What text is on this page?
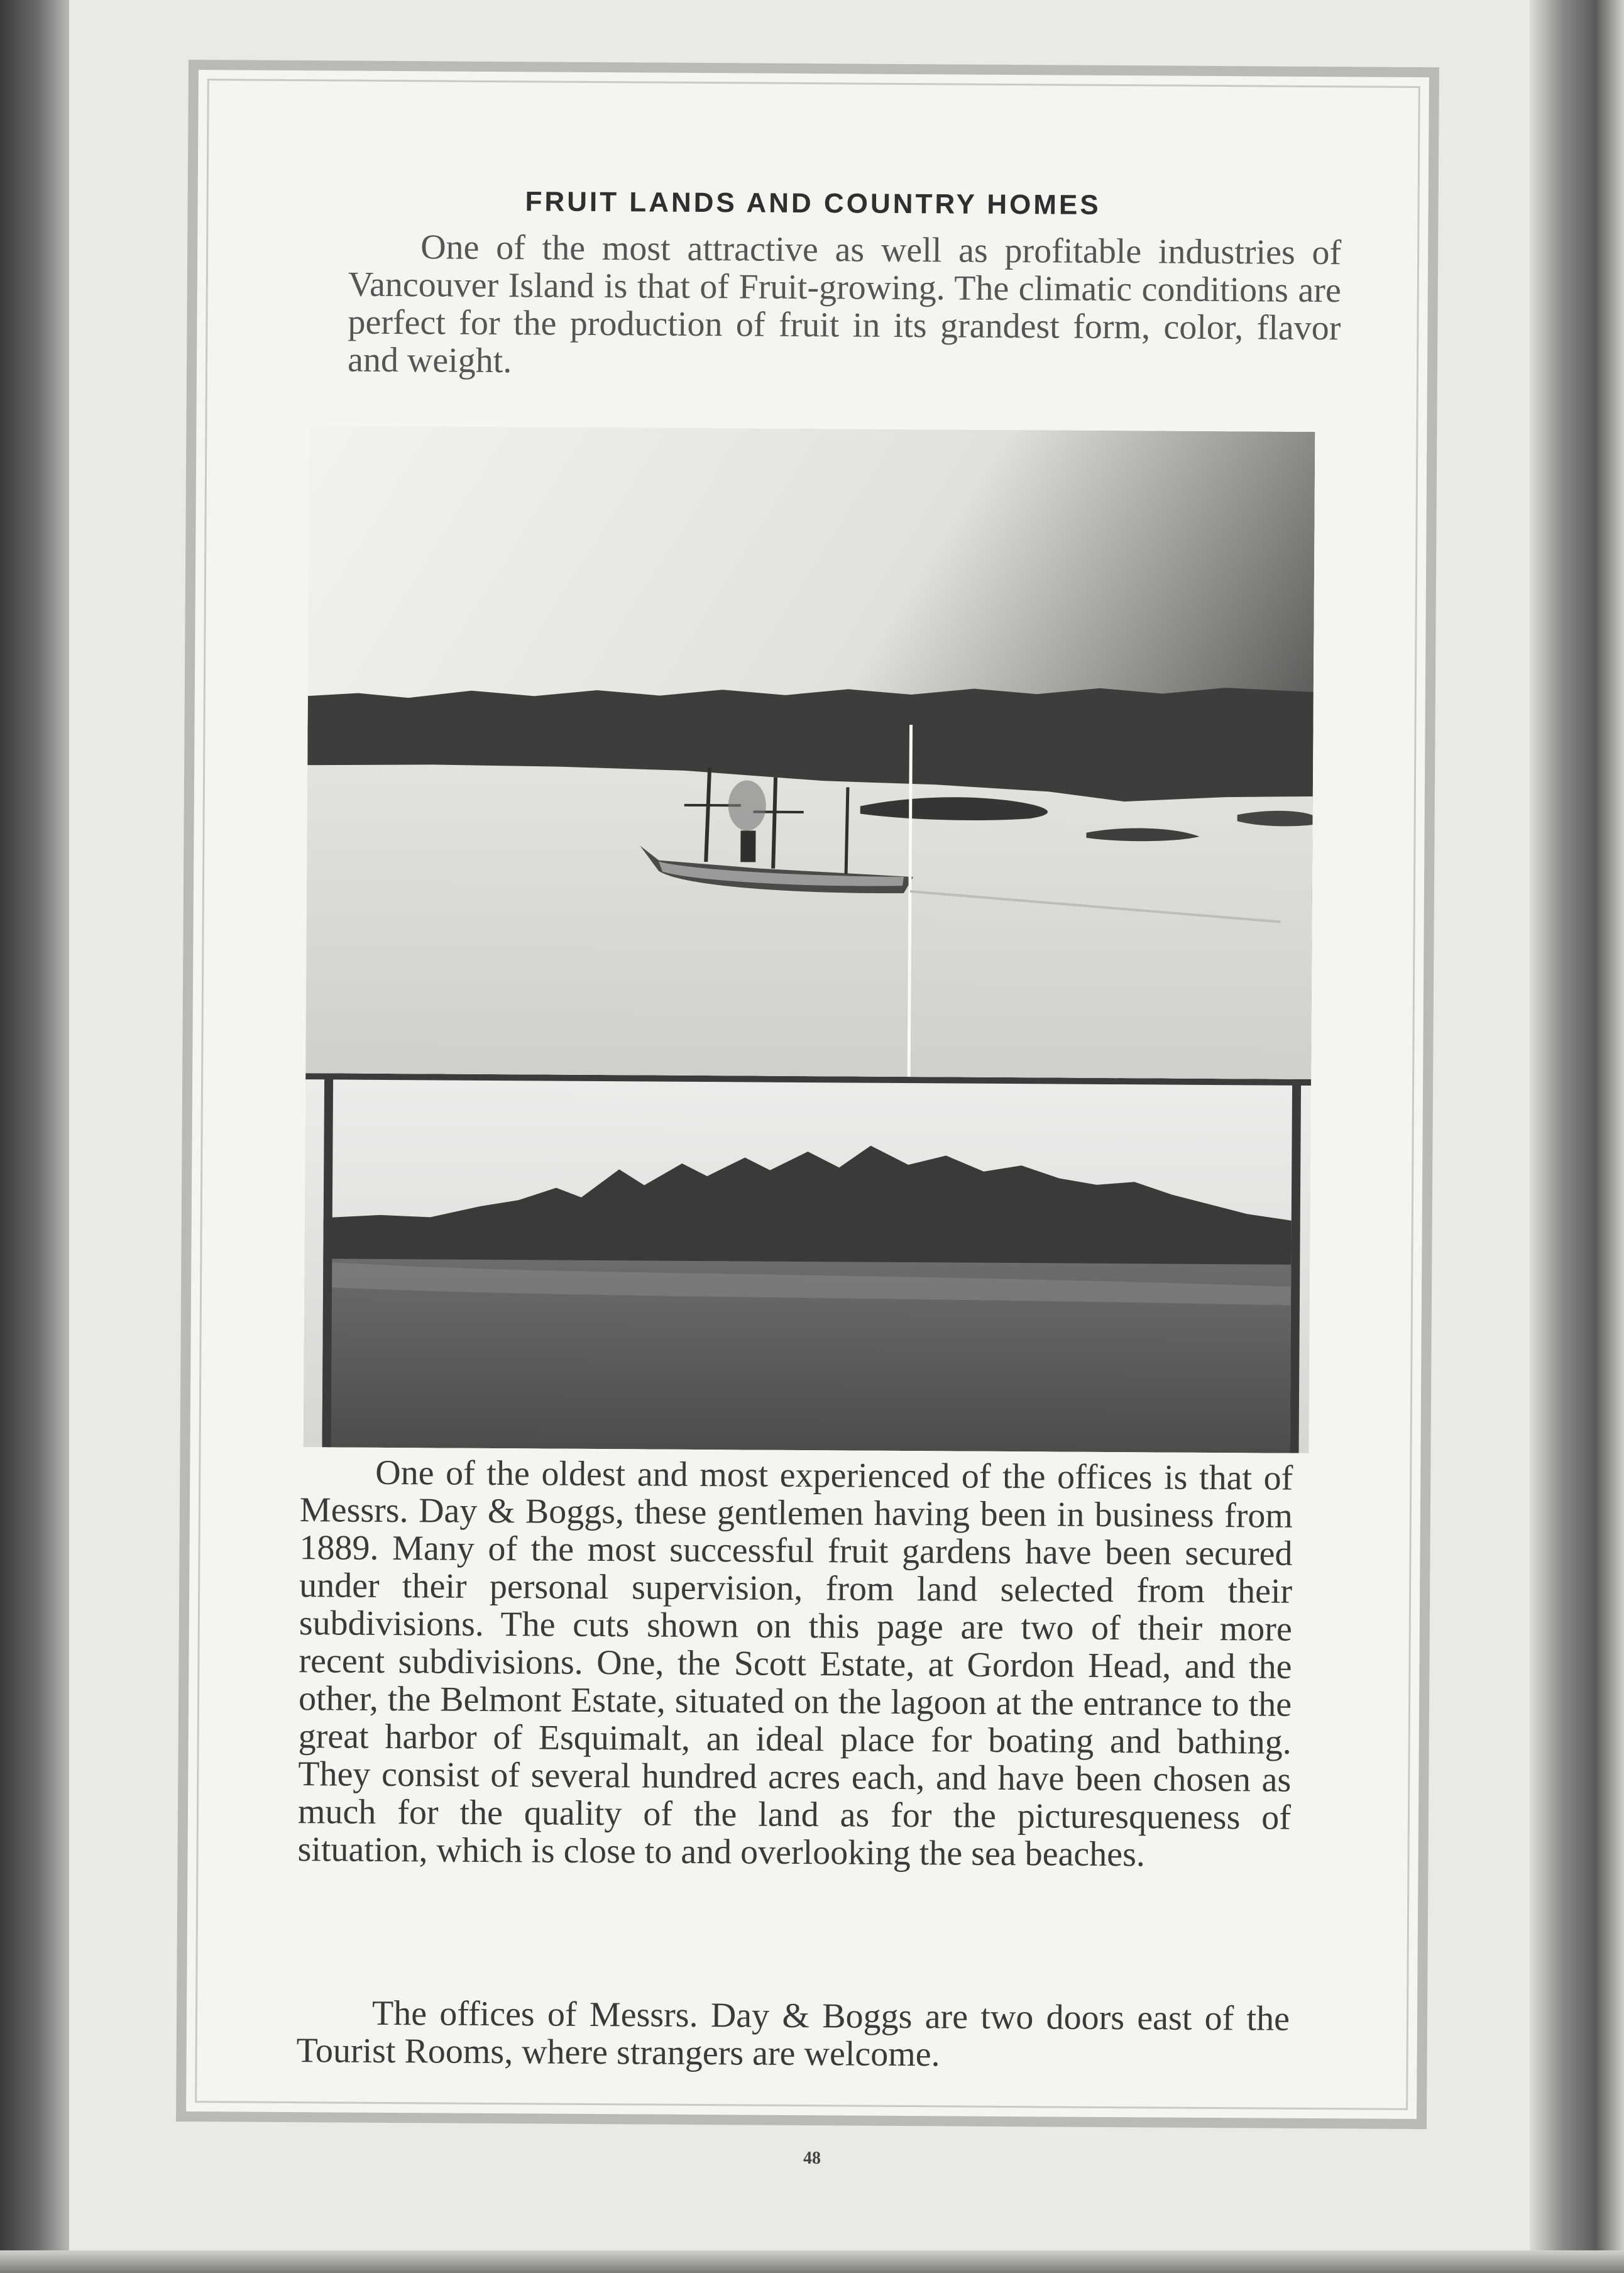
FRUIT LANDS AND COUNTRY HOMES

One of the most attractive as well as profitable industries of Vancouver Island is that of Fruit-growing. The climatic conditions are perfect for the production of fruit in its grandest form, color, flavor and weight.

One of the oldest and most experienced of the offices is that of Messrs. Day & Boggs, these gentlemen having been in business from 1889. Many of the most successful fruit gardens have been secured under their personal supervision, from land selected from their subdivisions. The cuts shown on this page are two of their more recent subdivisions. One, the Scott Estate, at Gordon Head, and the other, the Belmont Estate, situated on the lagoon at the entrance to the great harbor of Esquimalt, an ideal place for boating and bathing. They consist of several hundred acres each, and have been chosen as much for the quality of the land as for the picturesqueness of situation, which is close to and overlooking the sea beaches.

The offices of Messrs. Day & Boggs are two doors east of the Tourist Rooms, where strangers are welcome.

48
